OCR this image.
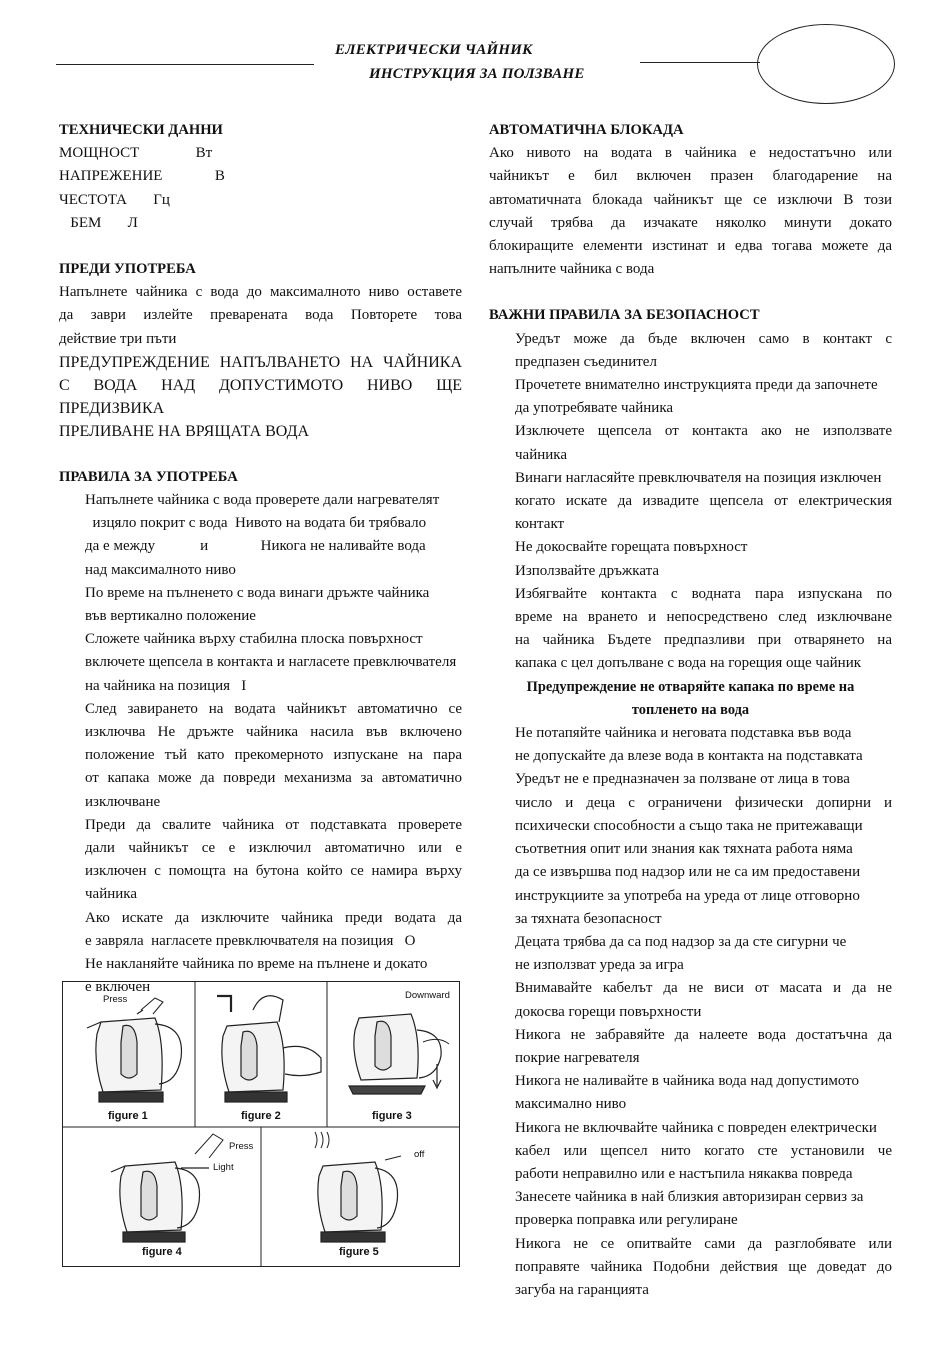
ЕЛЕКТРИЧЕСКИ ЧАЙНИК
ИНСТРУКЦИЯ ЗА ПОЛЗВАНЕ
ТЕХНИЧЕСКИ ДАННИ
МОЩНОСТ               Вт
НАПРЕЖЕНИЕ              В
ЧЕСТОТА       Гц
БЕМ       Л
ПРЕДИ УПОТРЕБА
Напълнете чайника с вода до максималното ниво оставете
да заври излейте преварената вода Повторете това
действие три пъти
ПРЕДУПРЕЖДЕНИЕ НАПЪЛВАНЕТО НА ЧАЙНИКА
С ВОДА НАД ДОПУСТИМОТО НИВО ЩЕ ПРЕДИЗВИКА
ПРЕЛИВАНЕ НА ВРЯЩАТА ВОДА
ПРАВИЛА ЗА УПОТРЕБА
Напълнете чайника с вода проверете дали нагревателят
изцяло покрит с вода  Нивото на водата би трябвало
да е между            и              Никога не наливайте вода
над максималното ниво
По време на пълненето с вода винаги дръжте чайника
във вертикално положение
Сложете чайника върху стабилна плоска повърхност
включете щепсела в контакта и нагласете превключвателя
на чайника на позиция   I
След завирането на водата чайникът автоматично се
изключва Не дръжте чайника насила във включено
положение тъй като прекомерното изпускане на пара
от капака може да повреди механизма за автоматично
изключване
Преди да свалите чайника от подставката проверете
дали чайникът се е изключил автоматично или е
изключен с помощта на бутона който се намира върху
чайника
Ако искате да изключите чайника преди водата да
е завряла  нагласете превключвателя на позиция   О
Не накланяйте чайника по време на пълнене и докато
е включен
figure 1	figure 2	figure 3
figure 4	figure 5
Press	Downward
Press
Light
off
АВТОМАТИЧНА БЛОКАДА
Ако нивото на водата в чайника е недостатъчно или
чайникът е бил включен празен благодарение на
автоматичната блокада чайникът ще се изключи В този
случай трябва да изчакате няколко минути докато
блокиращите елементи изстинат и едва тогава можете да
напълните чайника с вода
ВАЖНИ ПРАВИЛА ЗА БЕЗОПАСНОСТ
Уредът може да бъде включен само в контакт с
предпазен съединител
Прочетете внимателно инструкцията преди да започнете
да употребявате чайника
Изключете щепсела от контакта ако не използвате
чайника
Винаги нагласяйте превключвателя на позиция изключен
когато искате да извадите щепсела от електрическия
контакт
Не докосвайте горещата повърхност
Използвайте дръжката
Избягвайте контакта с водната пара изпускана по
време на врането и непосредствено след изключване
на чайника Бъдете предпазливи при отварянето на
капака с цел допълване с вода на горещия още чайник
Предупреждение не отваряйте капака по време на
топленето на вода
Не потапяйте чайника и неговата подставка във вода
не допускайте да влезе вода в контакта на подставката
Уредът не е предназначен за ползване от лица в това
число и деца с ограничени физически допирни и
психически способности а също така не притежаващи
съответния опит или знания как тяхната работа няма
да се извършва под надзор или не са им предоставени
инструкциите за употреба на уреда от лице отговорно
за тяхната безопасност
Децата трябва да са под надзор за да сте сигурни че
не използват уреда за игра
Внимавайте кабелът да не виси от масата и да не
докосва горещи повърхности
Никога не забравяйте да налеете вода достатъчна да
покрие нагревателя
Никога не наливайте в чайника вода над допустимото
максимално ниво
Никога не включвайте чайника с повреден електрически
кабел или щепсел нито когато сте установили че
работи неправилно или е настъпила някаква повреда
Занесете чайника в най близкия авторизиран сервиз за
проверка поправка или регулиране
Никога не се опитвайте сами да разглобявате или
поправяте чайника Подобни действия ще доведат до
загуба на гаранцията
